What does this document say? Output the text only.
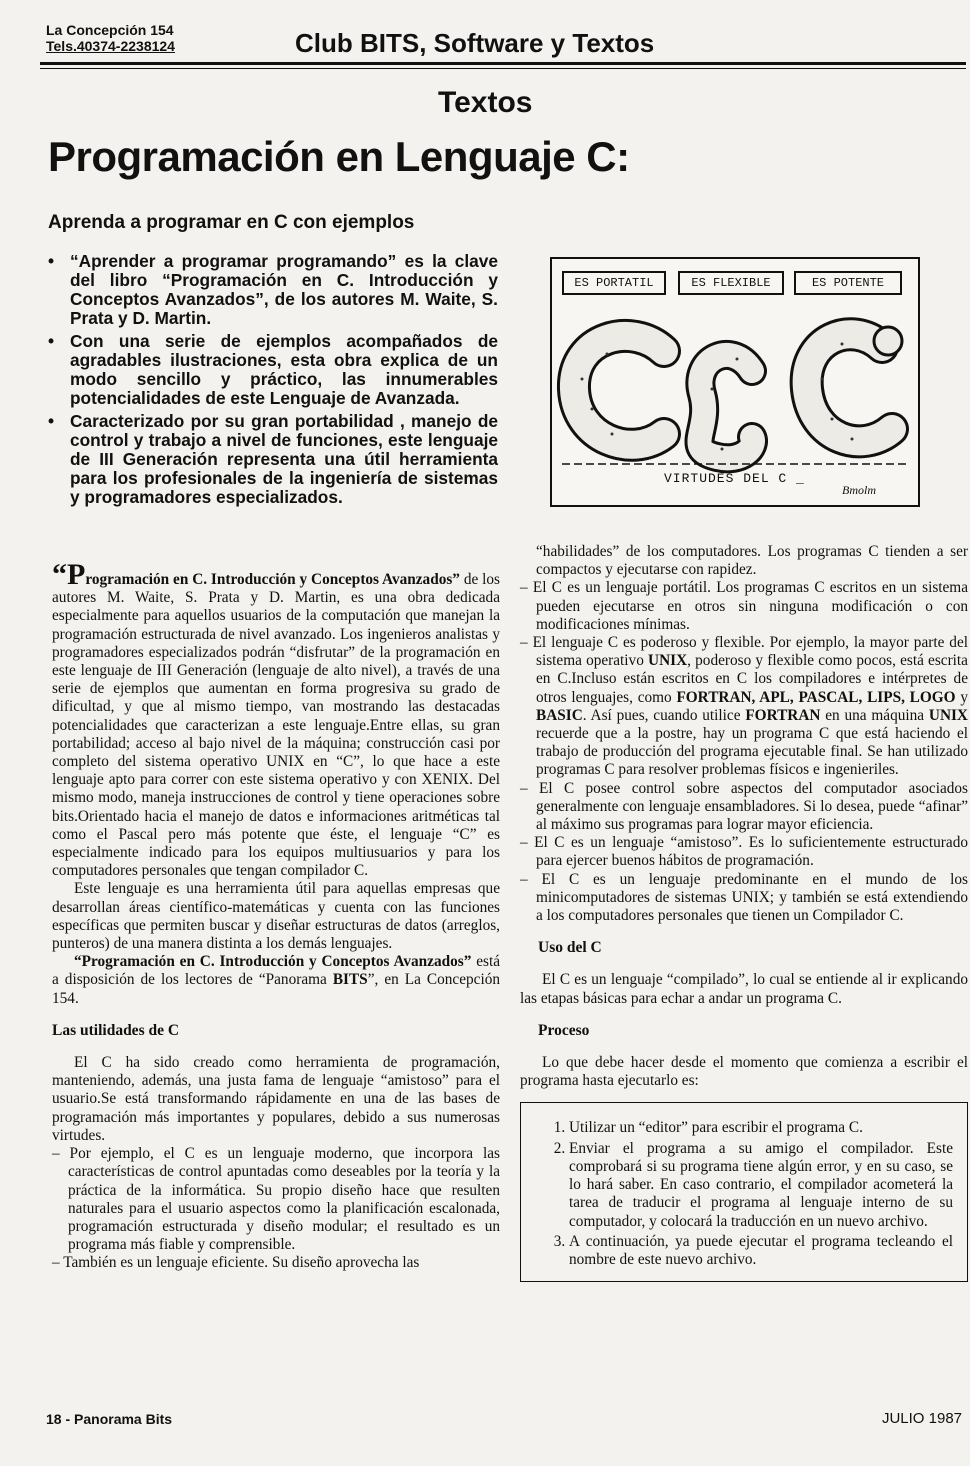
La Concepción 154
Tels.40374-2238124	Club BITS, Software y Textos
Textos
Programación en Lenguaje C:
Aprenda a programar en C con ejemplos
• “Aprender a programar programando” es la clave del libro “Programación en C. Introducción y Conceptos Avanzados”, de los autores M. Waite, S. Prata y D. Martin.
• Con una serie de ejemplos acompañados de agradables ilustraciones, esta obra explica de un modo sencillo y práctico, las innumerables potencialidades de este Lenguaje de Avanzada.
• Caracterizado por su gran portabilidad , manejo de control y trabajo a nivel de funciones, este lenguaje de III Generación representa una útil herramienta para los profesionales de la ingeniería de sistemas y programadores especializados.
ES PORTATIL	ES FLEXIBLE	ES POTENTE
VIRTUDES DEL C _
Bmolm

“Programación en C. Introducción y Conceptos Avanzados” de los autores M. Waite, S. Prata y D. Martin, es una obra dedicada especialmente para aquellos usuarios de la computación que manejan la programación estructurada de nivel avanzado. Los ingenieros analistas y programadores especializados podrán “disfrutar” de la programación en este lenguaje de III Generación (lenguaje de alto nivel), a través de una serie de ejemplos que aumentan en forma progresiva su grado de dificultad, y que al mismo tiempo, van mostrando las destacadas potencialidades que caracterizan a este lenguaje.Entre ellas, su gran portabilidad; acceso al bajo nivel de la máquina; construcción casi por completo del sistema operativo UNIX en “C”, lo que hace a este lenguaje apto para correr con este sistema operativo y con XENIX. Del mismo modo, maneja instrucciones de control y tiene operaciones sobre bits.Orientado hacia el manejo de datos e informaciones aritméticas tal como el Pascal pero más potente que éste, el lenguaje “C” es especialmente indicado para los equipos multiusuarios y para los computadores personales que tengan compilador C.

Este lenguaje es una herramienta útil para aquellas empresas que desarrollan áreas científico-matemáticas y cuenta con las funciones específicas que permiten buscar y diseñar estructuras de datos (arreglos, punteros) de una manera distinta a los demás lenguajes.

“Programación en C. Introducción y Conceptos Avanzados” está a disposición de los lectores de “Panorama BITS”, en La Concepción 154.

Las utilidades de C

El C ha sido creado como herramienta de programación, manteniendo, además, una justa fama de lenguaje “amistoso” para el usuario.Se está transformando rápidamente en una de las bases de programación más importantes y populares, debido a sus numerosas virtudes.

– Por ejemplo, el C es un lenguaje moderno, que incorpora las características de control apuntadas como deseables por la teoría y la práctica de la informática. Su propio diseño hace que resulten naturales para el usuario aspectos como la planificación escalonada, programación estructurada y diseño modular; el resultado es un programa más fiable y comprensible.

– También es un lenguaje eficiente. Su diseño aprovecha las

“habilidades” de los computadores. Los programas C tienden a ser compactos y ejecutarse con rapidez.

– El C es un lenguaje portátil. Los programas C escritos en un sistema pueden ejecutarse en otros sin ninguna modificación o con modificaciones mínimas.

– El lenguaje C es poderoso y flexible. Por ejemplo, la mayor parte del sistema operativo UNIX, poderoso y flexible como pocos, está escrita en C.Incluso están escritos en C los compiladores e intérpretes de otros lenguajes, como FORTRAN, APL, PASCAL, LIPS, LOGO y BASIC. Así pues, cuando utilice FORTRAN en una máquina UNIX recuerde que a la postre, hay un programa C que está haciendo el trabajo de producción del programa ejecutable final. Se han utilizado programas C para resolver problemas físicos e ingenieriles.

– El C posee control sobre aspectos del computador asociados generalmente con lenguaje ensambladores. Si lo desea, puede “afinar” al máximo sus programas para lograr mayor eficiencia.

– El C es un lenguaje “amistoso”. Es lo suficientemente estructurado para ejercer buenos hábitos de programación.

– El C es un lenguaje predominante en el mundo de los minicomputadores de sistemas UNIX; y también se está extendiendo a los computadores personales que tienen un Compilador C.

Uso del C

El C es un lenguaje “compilado”, lo cual se entiende al ir explicando las etapas básicas para echar a andar un programa C.

Proceso

Lo que debe hacer desde el momento que comienza a escribir el programa hasta ejecutarlo es:

1. Utilizar un “editor” para escribir el programa C.
2. Enviar el programa a su amigo el compilador. Este comprobará si su programa tiene algún error, y en su caso, se lo hará saber. En caso contrario, el compilador acometerá la tarea de traducir el programa al lenguaje interno de su computador, y colocará la traducción en un nuevo archivo.
3. A continuación, ya puede ejecutar el programa tecleando el nombre de este nuevo archivo.
18 - Panorama Bits	JULIO 1987
